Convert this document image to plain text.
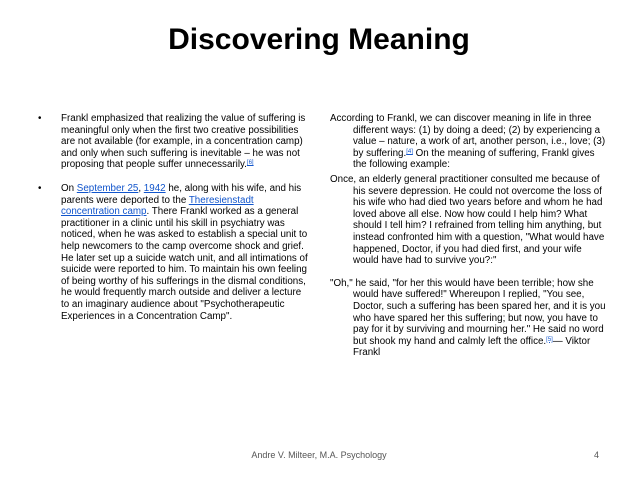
Discovering Meaning
• Frankl emphasized that realizing the value of suffering is meaningful only when the first two creative possibilities are not available (for example, in a concentration camp) and only when such suffering is inevitable – he was not proposing that people suffer unnecessarily.[6]
• On September 25, 1942 he, along with his wife, and his parents were deported to the Theresienstadt concentration camp. There Frankl worked as a general practitioner in a clinic until his skill in psychiatry was noticed, when he was asked to establish a special unit to help newcomers to the camp overcome shock and grief. He later set up a suicide watch unit, and all intimations of suicide were reported to him. To maintain his own feeling of being worthy of his sufferings in the dismal conditions, he would frequently march outside and deliver a lecture to an imaginary audience about "Psychotherapeutic Experiences in a Concentration Camp".
According to Frankl, we can discover meaning in life in three different ways: (1) by doing a deed; (2) by experiencing a value – nature, a work of art, another person, i.e., love; (3) by suffering.[4] On the meaning of suffering, Frankl gives the following example:
Once, an elderly general practitioner consulted me because of his severe depression. He could not overcome the loss of his wife who had died two years before and whom he had loved above all else. Now how could I help him? What should I tell him? I refrained from telling him anything, but instead confronted him with a question, "What would have happened, Doctor, if you had died first, and your wife would have had to survive you?:"
"Oh," he said, "for her this would have been terrible; how she would have suffered!" Whereupon I replied, "You see, Doctor, such a suffering has been spared her, and it is you who have spared her this suffering; but now, you have to pay for it by surviving and mourning her." He said no word but shook my hand and calmly left the office.[5]— Viktor Frankl
Andre V. Milteer, M.A. Psychology	4
